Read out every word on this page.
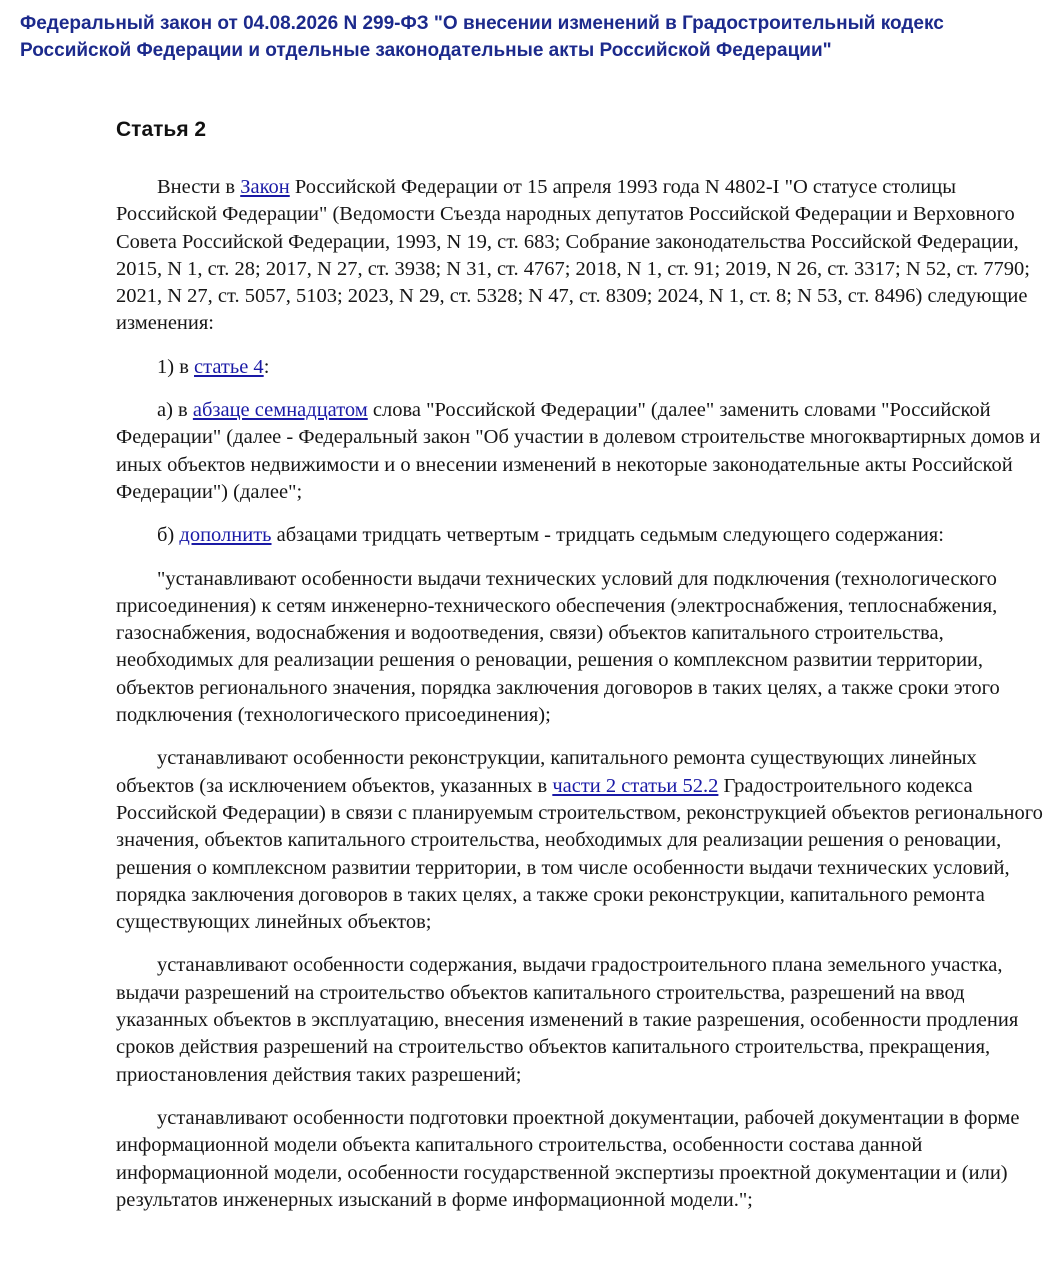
Федеральный закон от 04.08.2026 N 299-ФЗ "О внесении изменений в Градостроительный кодекс Российской Федерации и отдельные законодательные акты Российской Федерации"
Статья 2

Внести в Закон Российской Федерации от 15 апреля 1993 года N 4802-I "О статусе столицы Российской Федерации" (Ведомости Съезда народных депутатов Российской Федерации и Верховного Совета Российской Федерации, 1993, N 19, ст. 683; Собрание законодательства Российской Федерации, 2015, N 1, ст. 28; 2017, N 27, ст. 3938; N 31, ст. 4767; 2018, N 1, ст. 91; 2019, N 26, ст. 3317; N 52, ст. 7790; 2021, N 27, ст. 5057, 5103; 2023, N 29, ст. 5328; N 47, ст. 8309; 2024, N 1, ст. 8; N 53, ст. 8496) следующие изменения:

1) в статье 4:

а) в абзаце семнадцатом слова "Российской Федерации" (далее" заменить словами "Российской Федерации" (далее - Федеральный закон "Об участии в долевом строительстве многоквартирных домов и иных объектов недвижимости и о внесении изменений в некоторые законодательные акты Российской Федерации") (далее";

б) дополнить абзацами тридцать четвертым - тридцать седьмым следующего содержания:

"устанавливают особенности выдачи технических условий для подключения (технологического присоединения) к сетям инженерно-технического обеспечения (электроснабжения, теплоснабжения, газоснабжения, водоснабжения и водоотведения, связи) объектов капитального строительства, необходимых для реализации решения о реновации, решения о комплексном развитии территории, объектов регионального значения, порядка заключения договоров в таких целях, а также сроки этого подключения (технологического присоединения);

устанавливают особенности реконструкции, капитального ремонта существующих линейных объектов (за исключением объектов, указанных в части 2 статьи 52.2 Градостроительного кодекса Российской Федерации) в связи с планируемым строительством, реконструкцией объектов регионального значения, объектов капитального строительства, необходимых для реализации решения о реновации, решения о комплексном развитии территории, в том числе особенности выдачи технических условий, порядка заключения договоров в таких целях, а также сроки реконструкции, капитального ремонта существующих линейных объектов;

устанавливают особенности содержания, выдачи градостроительного плана земельного участка, выдачи разрешений на строительство объектов капитального строительства, разрешений на ввод указанных объектов в эксплуатацию, внесения изменений в такие разрешения, особенности продления сроков действия разрешений на строительство объектов капитального строительства, прекращения, приостановления действия таких разрешений;

устанавливают особенности подготовки проектной документации, рабочей документации в форме информационной модели объекта капитального строительства, особенности состава данной информационной модели, особенности государственной экспертизы проектной документации и (или) результатов инженерных изысканий в форме информационной модели.";
